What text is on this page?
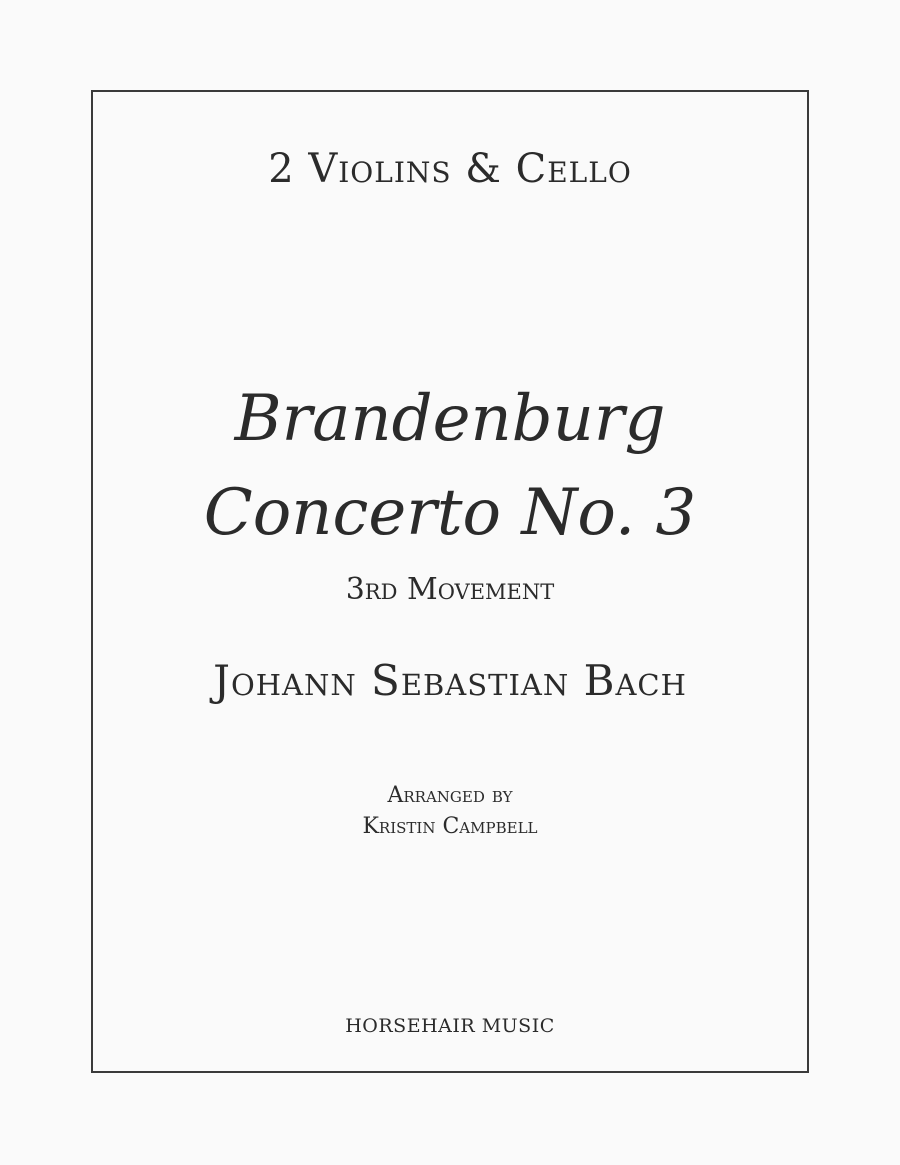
2 Violins & Cello
Brandenburg
Concerto No. 3
3rd Movement
Johann Sebastian Bach
Arranged by
Kristin Campbell
HORSEHAIR MUSIC
